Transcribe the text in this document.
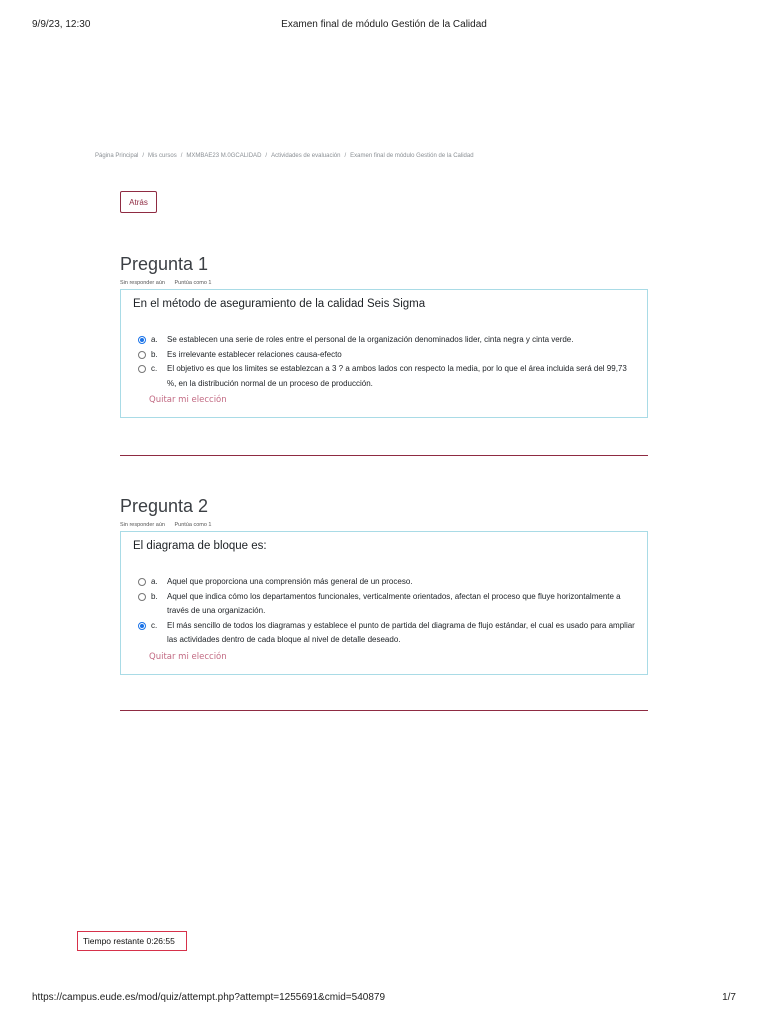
9/9/23, 12:30	Examen final de módulo Gestión de la Calidad
Página Principal / Mis cursos / MXMBAE23 M.0GCALIDAD / Actividades de evaluación / Examen final de módulo Gestión de la Calidad
Atrás
Pregunta 1
Sin responder aún Puntúa como 1
En el método de aseguramiento de la calidad Seis Sigma
a.	Se establecen una serie de roles entre el personal de la organización denominados lider, cinta negra y cinta verde.
b.	Es irrelevante establecer relaciones causa-efecto
c.	El objetivo es que los limites se establezcan a 3 ? a ambos lados con respecto la media, por lo que el área incluida será del 99,73 %, en la distribución normal de un proceso de producción.
Quitar mi elección
Pregunta 2
Sin responder aún Puntúa como 1
El diagrama de bloque es:
a.	Aquel que proporciona una comprensión más general de un proceso.
b.	Aquel que indica cómo los departamentos funcionales, verticalmente orientados, afectan el proceso que fluye horizontalmente a través de una organización.
c.	El más sencillo de todos los diagramas y establece el punto de partida del diagrama de flujo estándar, el cual es usado para ampliar las actividades dentro de cada bloque al nivel de detalle deseado.
Quitar mi elección
Tiempo restante 0:26:55
https://campus.eude.es/mod/quiz/attempt.php?attempt=1255691&cmid=540879	1/7
